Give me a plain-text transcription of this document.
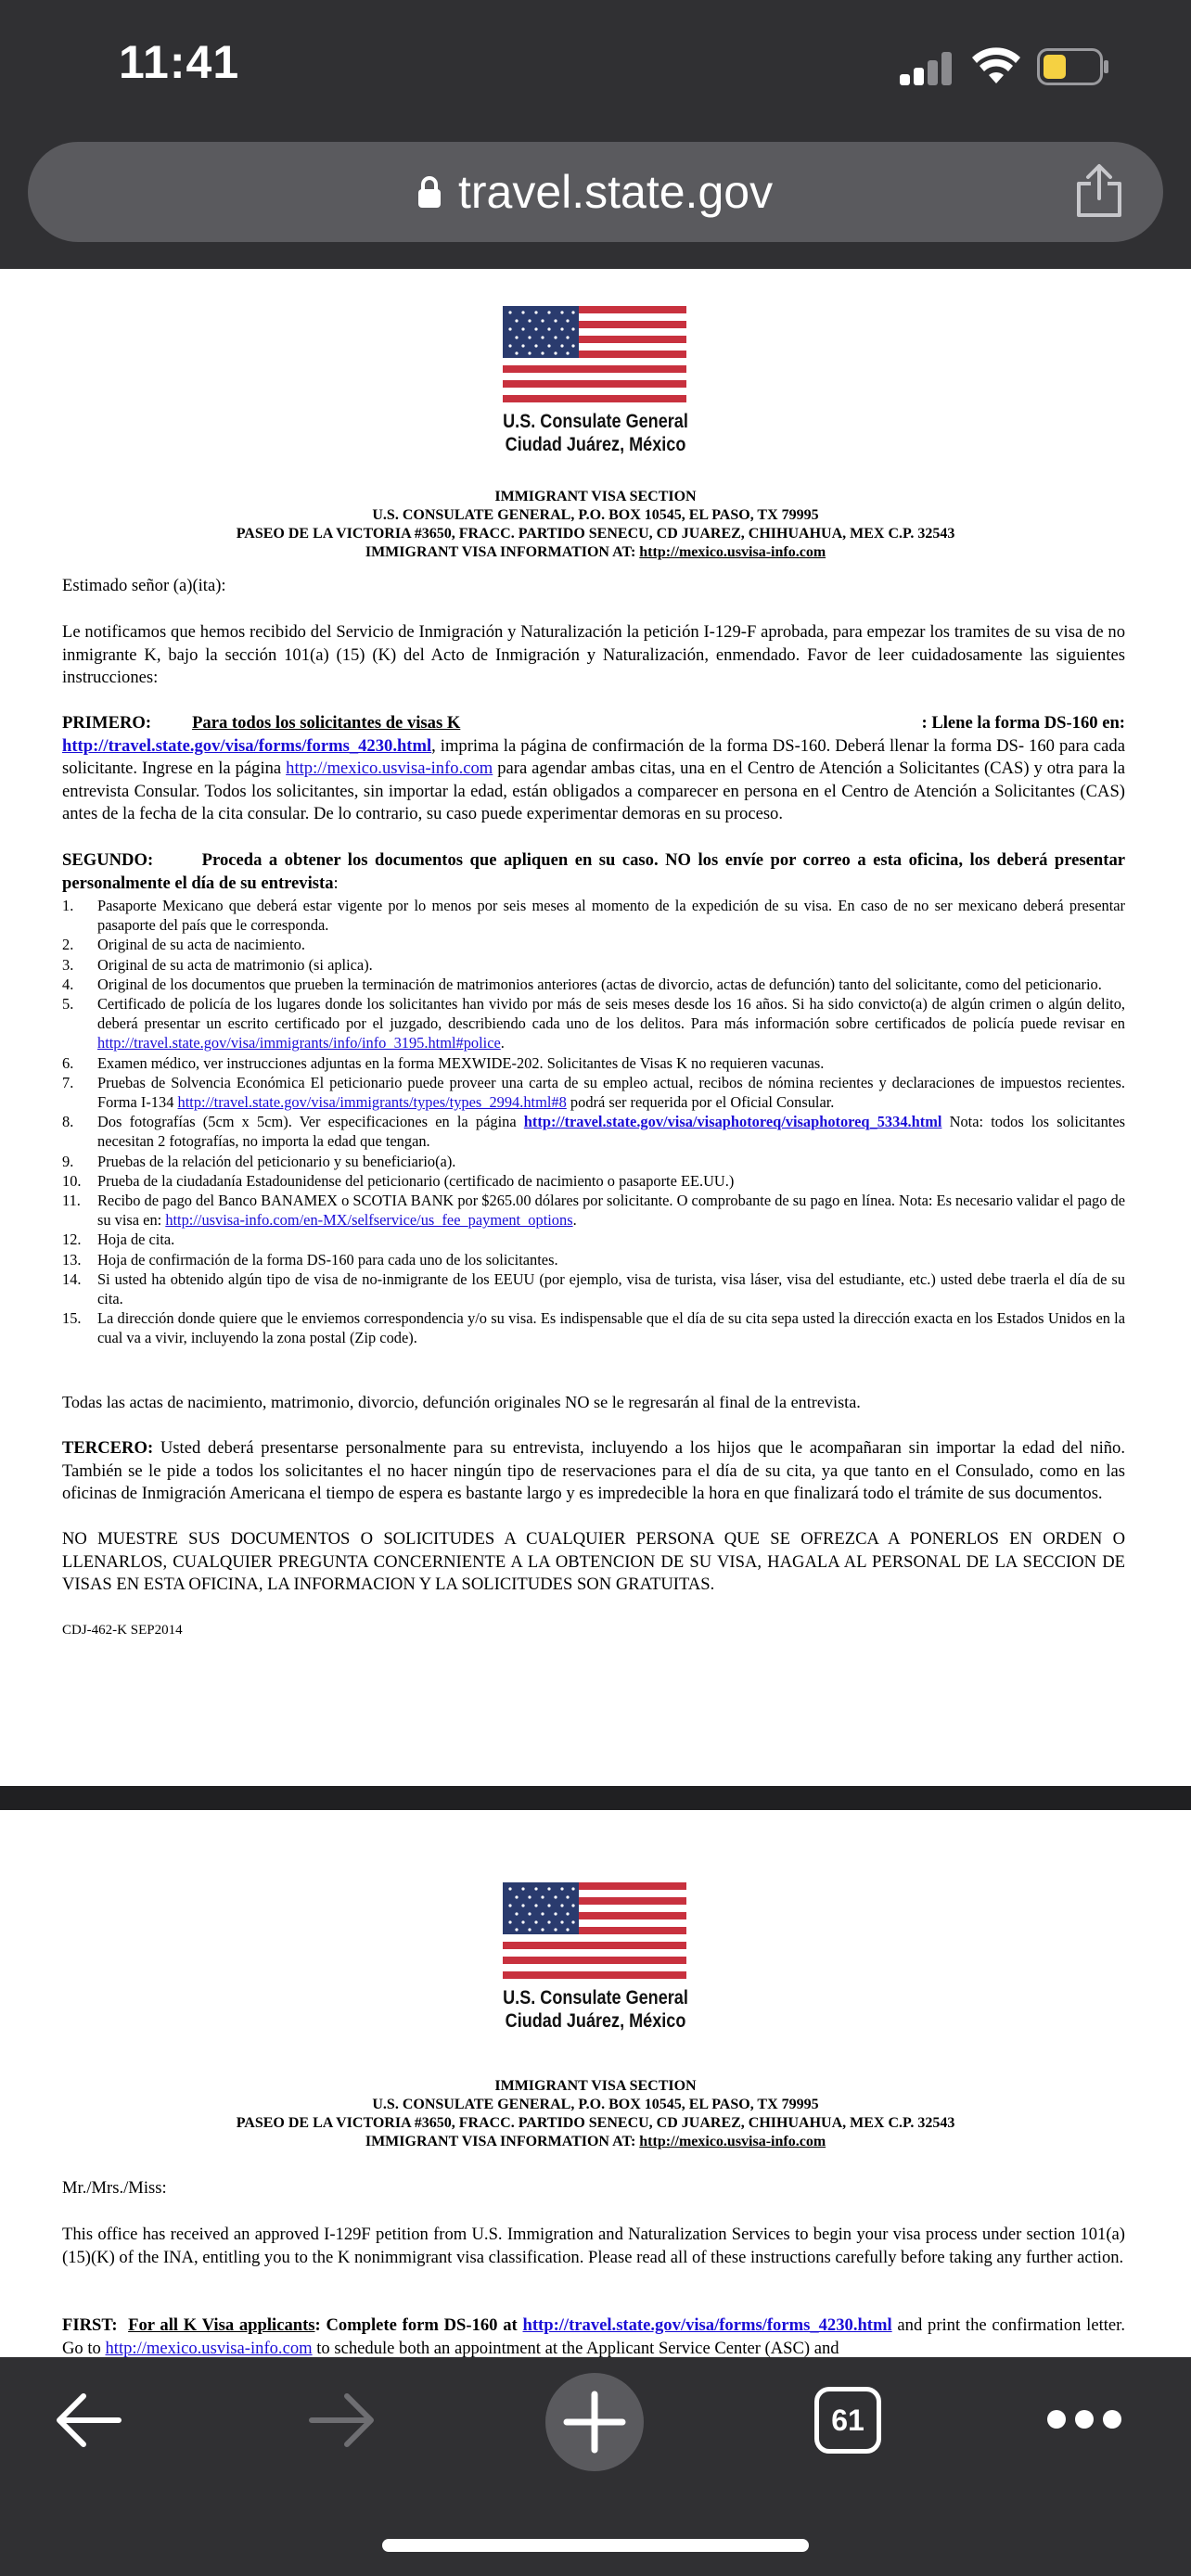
11:41
travel.state.gov
U.S. Consulate General
Ciudad Juárez, México
IMMIGRANT VISA SECTION
U.S. CONSULATE GENERAL, P.O. BOX 10545, EL PASO, TX 79995
PASEO DE LA VICTORIA #3650, FRACC. PARTIDO SENECU, CD JUAREZ, CHIHUAHUA, MEX C.P. 32543
IMMIGRANT VISA INFORMATION AT: http://mexico.usvisa-info.com
Estimado señor (a)(ita):
Le notificamos que hemos recibido del Servicio de Inmigración y Naturalización la petición I-129-F aprobada, para empezar los tramites de su visa de no inmigrante K, bajo la sección 101(a) (15) (K) del Acto de Inmigración y Naturalización, enmendado. Favor de leer cuidadosamente las siguientes instrucciones:
PRIMERO: Para todos los solicitantes de visas K	: Llene la forma DS-160 en:
http://travel.state.gov/visa/forms/forms_4230.html, imprima la página de confirmación de la forma DS-160. Deberá llenar la forma DS- 160 para cada solicitante. Ingrese en la página http://mexico.usvisa-info.com para agendar ambas citas, una en el Centro de Atención a Solicitantes (CAS) y otra para la entrevista Consular. Todos los solicitantes, sin importar la edad, están obligados a comparecer en persona en el Centro de Atención a Solicitantes (CAS) antes de la fecha de la cita consular. De lo contrario, su caso puede experimentar demoras en su proceso.
SEGUNDO:	Proceda a obtener los documentos que apliquen en su caso. NO los envíe por correo a esta oficina, los deberá presentar personalmente el día de su entrevista:
1. Pasaporte Mexicano que deberá estar vigente por lo menos por seis meses al momento de la expedición de su visa. En caso de no ser mexicano deberá presentar pasaporte del país que le corresponda.
2. Original de su acta de nacimiento.
3. Original de su acta de matrimonio (si aplica).
4. Original de los documentos que prueben la terminación de matrimonios anteriores (actas de divorcio, actas de defunción) tanto del solicitante, como del peticionario.
5. Certificado de policía de los lugares donde los solicitantes han vivido por más de seis meses desde los 16 años. Si ha sido convicto(a) de algún crimen o algún delito, deberá presentar un escrito certificado por el juzgado, describiendo cada uno de los delitos. Para más información sobre certificados de policía puede revisar en http://travel.state.gov/visa/immigrants/info/info_3195.html#police.
6. Examen médico, ver instrucciones adjuntas en la forma MEXWIDE-202. Solicitantes de Visas K no requieren vacunas.
7. Pruebas de Solvencia Económica El peticionario puede proveer una carta de su empleo actual, recibos de nómina recientes y declaraciones de impuestos recientes. Forma I-134 http://travel.state.gov/visa/immigrants/types/types_2994.html#8 podrá ser requerida por el Oficial Consular.
8. Dos fotografías (5cm x 5cm). Ver especificaciones en la página http://travel.state.gov/visa/visaphotoreq/visaphotoreq_5334.html Nota: todos los solicitantes necesitan 2 fotografías, no importa la edad que tengan.
9. Pruebas de la relación del peticionario y su beneficiario(a).
10. Prueba de la ciudadanía Estadounidense del peticionario (certificado de nacimiento o pasaporte EE.UU.)
11. Recibo de pago del Banco BANAMEX o SCOTIA BANK por $265.00 dólares por solicitante. O comprobante de su pago en línea. Nota: Es necesario validar el pago de su visa en: http://usvisa-info.com/en-MX/selfservice/us_fee_payment_options.
12. Hoja de cita.
13. Hoja de confirmación de la forma DS-160 para cada uno de los solicitantes.
14. Si usted ha obtenido algún tipo de visa de no-inmigrante de los EEUU (por ejemplo, visa de turista, visa láser, visa del estudiante, etc.) usted debe traerla el día de su cita.
15. La dirección donde quiere que le enviemos correspondencia y/o su visa. Es indispensable que el día de su cita sepa usted la dirección exacta en los Estados Unidos en la cual va a vivir, incluyendo la zona postal (Zip code).
Todas las actas de nacimiento, matrimonio, divorcio, defunción originales NO se le regresarán al final de la entrevista.
TERCERO: Usted deberá presentarse personalmente para su entrevista, incluyendo a los hijos que le acompañaran sin importar la edad del niño. También se le pide a todos los solicitantes el no hacer ningún tipo de reservaciones para el día de su cita, ya que tanto en el Consulado, como en las oficinas de Inmigración Americana el tiempo de espera es bastante largo y es impredecible la hora en que finalizará todo el trámite de sus documentos.
NO MUESTRE SUS DOCUMENTOS O SOLICITUDES A CUALQUIER PERSONA QUE SE OFREZCA A PONERLOS EN ORDEN O LLENARLOS, CUALQUIER PREGUNTA CONCERNIENTE A LA OBTENCION DE SU VISA, HAGALA AL PERSONAL DE LA SECCION DE VISAS EN ESTA OFICINA, LA INFORMACION Y LA SOLICITUDES SON GRATUITAS.
CDJ-462-K SEP2014
U.S. Consulate General
Ciudad Juárez, México
IMMIGRANT VISA SECTION
U.S. CONSULATE GENERAL, P.O. BOX 10545, EL PASO, TX 79995
PASEO DE LA VICTORIA #3650, FRACC. PARTIDO SENECU, CD JUAREZ, CHIHUAHUA, MEX C.P. 32543
IMMIGRANT VISA INFORMATION AT: http://mexico.usvisa-info.com
Mr./Mrs./Miss:
This office has received an approved I-129F petition from U.S. Immigration and Naturalization Services to begin your visa process under section 101(a)(15)(K) of the INA, entitling you to the K nonimmigrant visa classification. Please read all of these instructions carefully before taking any further action.
FIRST: For all K Visa applicants: Complete form DS-160 at http://travel.state.gov/visa/forms/forms_4230.html and print the confirmation letter. Go to http://mexico.usvisa-info.com to schedule both an appointment at the Applicant Service Center (ASC) and
61
